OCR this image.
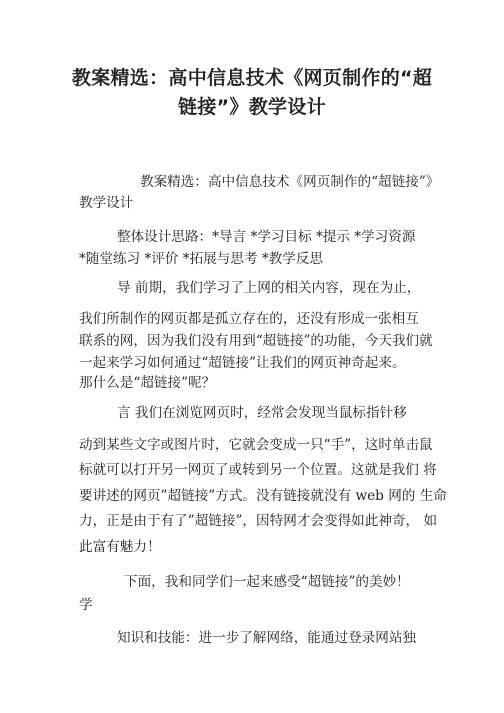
教案精选：高中信息技术《网页制作的“超
链接”》教学设计
教案精选：高中信息技术《网页制作的“超链接”》
教学设计
整体设计思路：*导言 *学习目标 *提示 *学习资源
*随堂练习 *评价 *拓展与思考 *教学反思
导 前期，我们学习了上网的相关内容，现在为止，
我们所制作的网页都是孤立存在的，还没有形成一张相互
联系的网，因为我们没有用到“超链接”的功能，今天我们就
一起来学习如何通过“超链接”让我们的网页神奇起来。
那什么是“超链接”呢？
言 我们在浏览网页时，经常会发现当鼠标指针移
动到某些文字或图片时，它就会变成一只“手”，这时单击鼠
标就可以打开另一网页了或转到另一个位置。这就是我们 将
要讲述的网页”超链接”方式。没有链接就没有 web 网的 生命
力，正是由于有了”超链接”，因特网才会变得如此神奇， 如
此富有魅力！
下面，我和同学们一起来感受“超链接”的美妙！
学
知识和技能：进一步了解网络，能通过登录网站独
